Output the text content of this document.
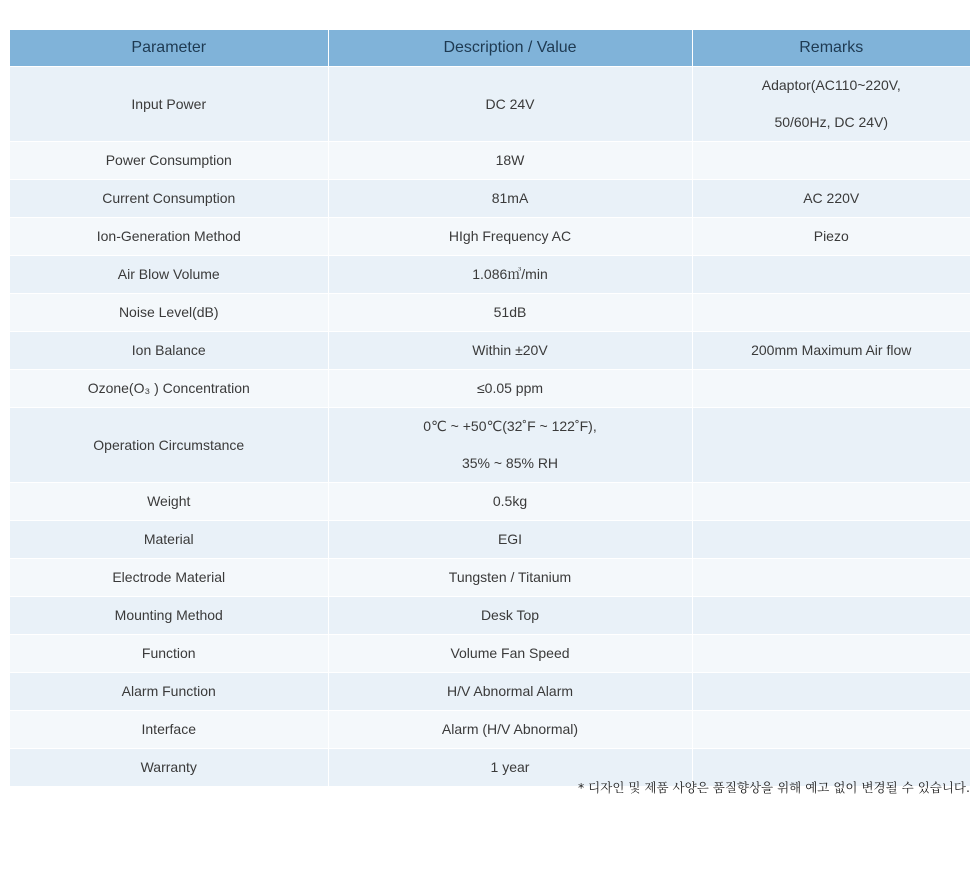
Parameter	Description / Value	Remarks
Input Power	DC 24V	Adaptor(AC110~220V,
50/60Hz, DC 24V)

Power Consumption	18W	
Current Consumption	81mA	AC 220V
Ion-Generation Method	HIgh Frequency AC	Piezo
Air Blow Volume	1.086㎥/min	
Noise Level(dB)	51dB	
Ion Balance	Within ±20V	200mm Maximum Air flow
Ozone(O₃ ) Concentration	≤0.05 ppm	
Operation Circumstance	0℃ ~ +50℃(32˚F ~ 122˚F),
35% ~ 85% RH	

Weight	0.5kg	
Material	EGI	
Electrode Material	Tungsten / Titanium	
Mounting Method	Desk Top	
Function	Volume Fan Speed	
Alarm Function	H/V Abnormal Alarm	
Interface	Alarm (H/V Abnormal)	
Warranty	1 year	
* 디자인 및 제품 사양은 품질향상을 위해 예고 없이 변경될 수 있습니다.
